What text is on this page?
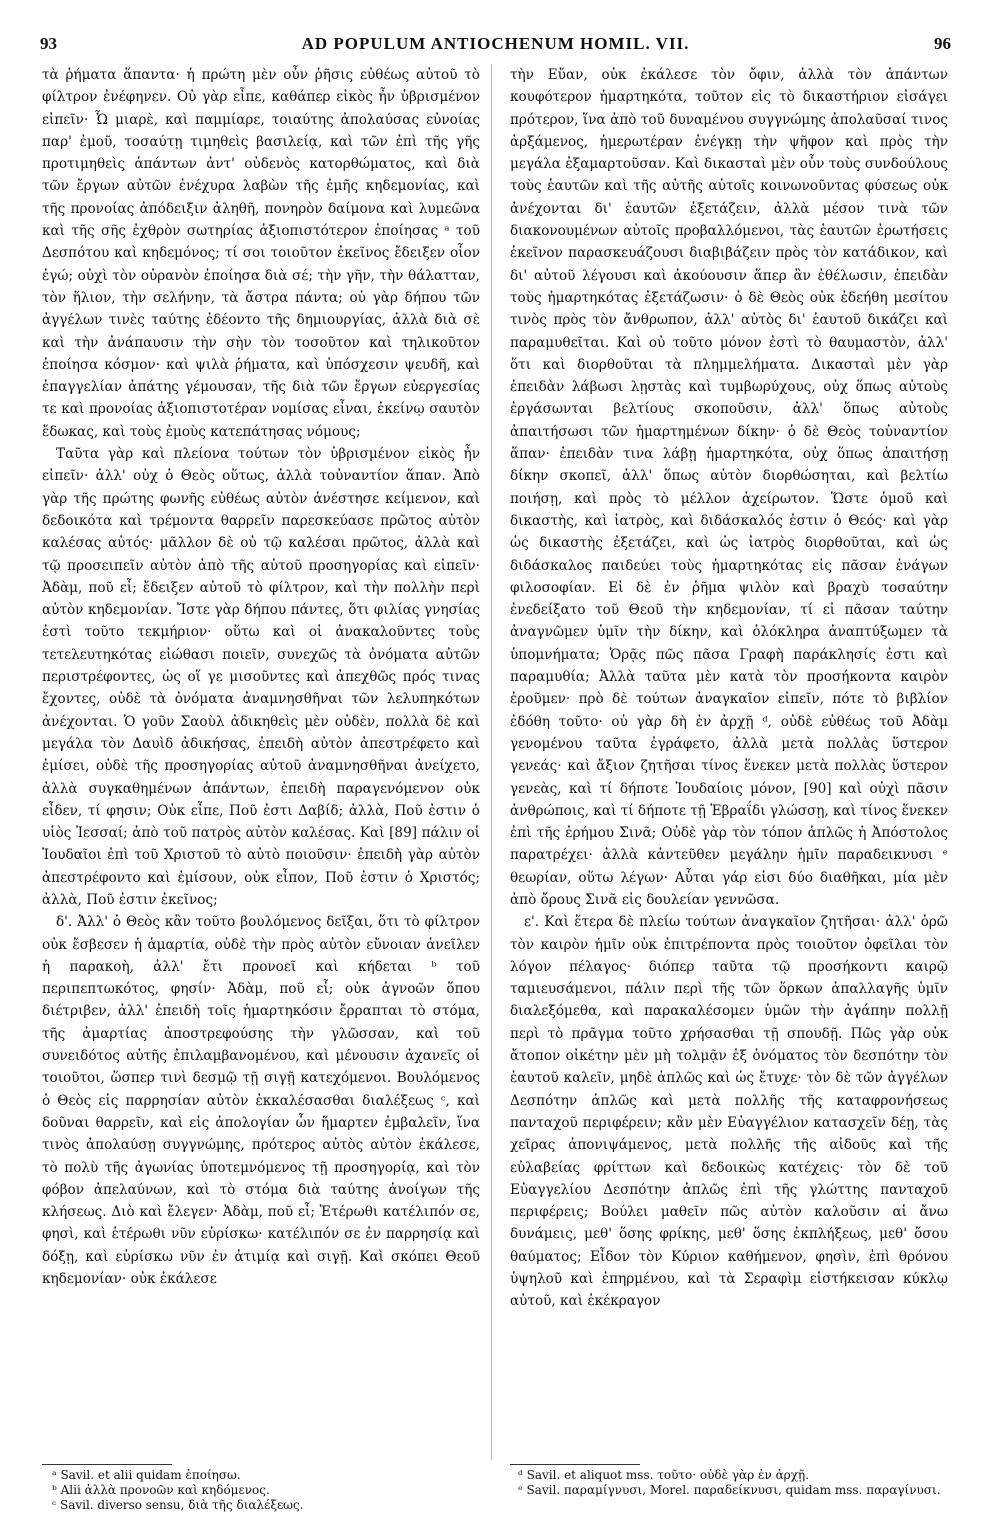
93	AD POPULUM ANTIOCHENUM HOMIL. VII.	96

τὰ ῥήματα ἅπαντα· ἡ πρώτη μὲν οὖν ῥῆσις εὐθέως αὐτοῦ τὸ φίλτρον ἐνέφηνεν. Οὐ γὰρ εἶπε, καθάπερ εἰκὸς ἦν ὑβρισμένον εἰπεῖν· Ὦ μιαρὲ, καὶ παμμίαρε, τοιαύτης ἀπολαύσας εὐνοίας παρ' ἐμοῦ, τοσαύτῃ τιμηθεὶς βασιλείᾳ, καὶ τῶν ἐπὶ τῆς γῆς προτιμηθεὶς ἁπάντων ἀντ' οὐδενὸς κατορθώματος, καὶ διὰ τῶν ἔργων αὐτῶν ἐνέχυρα λαβὼν τῆς ἐμῆς κηδεμονίας, καὶ τῆς προνοίας ἀπόδειξιν ἀληθῆ, πονηρὸν δαίμονα καὶ λυμεῶνα καὶ τῆς σῆς ἐχθρὸν σωτηρίας ἀξιοπιστότερον ἐποίησας ᵃ τοῦ Δεσπότου καὶ κηδεμόνος; τί σοι τοιοῦτον ἐκεῖνος ἔδειξεν οἷον ἐγώ; οὐχὶ τὸν οὐρανὸν ἐποίησα διὰ σέ; τὴν γῆν, τὴν θάλατταν, τὸν ἥλιον, τὴν σελήνην, τὰ ἄστρα πάντα; οὐ γὰρ δήπου τῶν ἀγγέλων τινὲς ταύτης ἐδέοντο τῆς δημιουργίας, ἀλλὰ διὰ σὲ καὶ τὴν ἀνάπαυσιν τὴν σὴν τὸν τοσοῦτον καὶ τηλικοῦτον ἐποίησα κόσμον· καὶ ψιλὰ ῥήματα, καὶ ὑπόσχεσιν ψευδῆ, καὶ ἐπαγγελίαν ἀπάτης γέμουσαν, τῆς διὰ τῶν ἔργων εὐεργεσίας τε καὶ προνοίας ἀξιοπιστοτέραν νομίσας εἶναι, ἐκείνῳ σαυτὸν ἔδωκας, καὶ τοὺς ἐμοὺς κατεπάτησας νόμους;

Ταῦτα γὰρ καὶ πλείονα τούτων τὸν ὑβρισμένον εἰκὸς ἦν εἰπεῖν· ἀλλ' οὐχ ὁ Θεὸς οὕτως, ἀλλὰ τοὐναντίον ἅπαν. Ἀπὸ γὰρ τῆς πρώτης φωνῆς εὐθέως αὐτὸν ἀνέστησε κείμενον, καὶ δεδοικότα καὶ τρέμοντα θαρρεῖν παρεσκεύασε πρῶτος αὐτὸν καλέσας αὐτός· μᾶλλον δὲ οὐ τῷ καλέσαι πρῶτος, ἀλλὰ καὶ τῷ προσειπεῖν αὐτὸν ἀπὸ τῆς αὐτοῦ προσηγορίας καὶ εἰπεῖν· Ἀδὰμ, ποῦ εἶ; ἔδειξεν αὐτοῦ τὸ φίλτρον, καὶ τὴν πολλὴν περὶ αὐτὸν κηδεμονίαν. Ἴστε γὰρ δήπου πάντες, ὅτι φιλίας γνησίας ἐστὶ τοῦτο τεκμήριον· οὕτω καὶ οἱ ἀνακαλοῦντες τοὺς τετελευτηκότας εἰώθασι ποιεῖν, συνεχῶς τὰ ὀνόματα αὐτῶν περιστρέφοντες, ὡς οἵ γε μισοῦντες καὶ ἀπεχθῶς πρός τινας ἔχοντες, οὐδὲ τὰ ὀνόματα ἀναμνησθῆναι τῶν λελυπηκότων ἀνέχονται. Ὁ γοῦν Σαοὺλ ἀδικηθεὶς μὲν οὐδὲν, πολλὰ δὲ καὶ μεγάλα τὸν Δαυὶδ ἀδικήσας, ἐπειδὴ αὐτὸν ἀπεστρέφετο καὶ ἐμίσει, οὐδὲ τῆς προσηγορίας αὐτοῦ ἀναμνησθῆναι ἀνείχετο, ἀλλὰ συγκαθημένων ἁπάντων, ἐπειδὴ παραγενόμενον οὐκ εἶδεν, τί φησιν; Οὐκ εἶπε, Ποῦ ἐστι Δαβίδ; ἀλλὰ, Ποῦ ἐστιν ὁ υἱὸς Ἰεσσαί; ἀπὸ τοῦ πατρὸς αὐτὸν καλέσας. Καὶ [89] πάλιν οἱ Ἰουδαῖοι ἐπὶ τοῦ Χριστοῦ τὸ αὐτὸ ποιοῦσιν· ἐπειδὴ γὰρ αὐτὸν ἀπεστρέφοντο καὶ ἐμίσουν, οὐκ εἶπον, Ποῦ ἐστιν ὁ Χριστός; ἀλλὰ, Ποῦ ἐστιν ἐκεῖνος;

δ'. Ἀλλ' ὁ Θεὸς κἂν τοῦτο βουλόμενος δεῖξαι, ὅτι τὸ φίλτρον οὐκ ἔσβεσεν ἡ ἁμαρτία, οὐδὲ τὴν πρὸς αὐτὸν εὔνοιαν ἀνεῖλεν ἡ παρακοὴ, ἀλλ' ἔτι προνοεῖ καὶ κήδεται ᵇ τοῦ περιπεπτωκότος, φησίν· Ἀδὰμ, ποῦ εἶ; οὐκ ἀγνοῶν ὅπου διέτριβεν, ἀλλ' ἐπειδὴ τοῖς ἡμαρτηκόσιν ἔρραπται τὸ στόμα, τῆς ἁμαρτίας ἀποστρεφούσης τὴν γλῶσσαν, καὶ τοῦ συνειδότος αὐτῆς ἐπιλαμβανομένου, καὶ μένουσιν ἀχανεῖς οἱ τοιοῦτοι, ὥσπερ τινὶ δεσμῷ τῇ σιγῇ κατεχόμενοι. Βουλόμενος ὁ Θεὸς εἰς παρρησίαν αὐτὸν ἐκκαλέσασθαι διαλέξεως ᶜ, καὶ δοῦναι θαρρεῖν, καὶ εἰς ἀπολογίαν ὧν ἥμαρτεν ἐμβαλεῖν, ἵνα τινὸς ἀπολαύσῃ συγγνώμης, πρότερος αὐτὸς αὐτὸν ἐκάλεσε, τὸ πολὺ τῆς ἀγωνίας ὑποτεμνόμενος τῇ προσηγορίᾳ, καὶ τὸν φόβον ἀπελαύνων, καὶ τὸ στόμα διὰ ταύτης ἀνοίγων τῆς κλήσεως. Διὸ καὶ ἔλεγεν· Ἀδὰμ, ποῦ εἶ; Ἑτέρωθι κατέλιπόν σε, φησὶ, καὶ ἑτέρωθι νῦν εὑρίσκω· κατέλιπόν σε ἐν παρρησίᾳ καὶ δόξῃ, καὶ εὑρίσκω νῦν ἐν ἀτιμίᾳ καὶ σιγῇ. Καὶ σκόπει Θεοῦ κηδεμονίαν· οὐκ ἐκάλεσε

τὴν Εὔαν, οὐκ ἐκάλεσε τὸν ὄφιν, ἀλλὰ τὸν ἁπάντων κουφότερον ἡμαρτηκότα, τοῦτον εἰς τὸ δικαστήριον εἰσάγει πρότερον, ἵνα ἀπὸ τοῦ δυναμένου συγγνώμης ἀπολαῦσαί τινος ἀρξάμενος, ἡμερωτέραν ἐνέγκῃ τὴν ψῆφον καὶ πρὸς τὴν μεγάλα ἐξαμαρτοῦσαν. Καὶ δικασταὶ μὲν οὖν τοὺς συνδούλους τοὺς ἑαυτῶν καὶ τῆς αὐτῆς αὐτοῖς κοινωνοῦντας φύσεως οὐκ ἀνέχονται δι' ἑαυτῶν ἐξετάζειν, ἀλλὰ μέσον τινὰ τῶν διακονουμένων αὐτοῖς προβαλλόμενοι, τὰς ἑαυτῶν ἐρωτήσεις ἐκεῖνον παρασκευάζουσι διαβιβάζειν πρὸς τὸν κατάδικον, καὶ δι' αὐτοῦ λέγουσι καὶ ἀκούουσιν ἅπερ ἂν ἐθέλωσιν, ἐπειδὰν τοὺς ἡμαρτηκότας ἐξετάζωσιν· ὁ δὲ Θεὸς οὐκ ἐδεήθη μεσίτου τινὸς πρὸς τὸν ἄνθρωπον, ἀλλ' αὐτὸς δι' ἑαυτοῦ δικάζει καὶ παραμυθεῖται. Καὶ οὐ τοῦτο μόνον ἐστὶ τὸ θαυμαστὸν, ἀλλ' ὅτι καὶ διορθοῦται τὰ πλημμελήματα. Δικασταὶ μὲν γὰρ ἐπειδὰν λάβωσι λῃστὰς καὶ τυμβωρύχους, οὐχ ὅπως αὐτοὺς ἐργάσωνται βελτίους σκοποῦσιν, ἀλλ' ὅπως αὐτοὺς ἀπαιτήσωσι τῶν ἡμαρτημένων δίκην· ὁ δὲ Θεὸς τοὐναντίον ἅπαν· ἐπειδὰν τινα λάβῃ ἡμαρτηκότα, οὐχ ὅπως ἀπαιτήσῃ δίκην σκοπεῖ, ἀλλ' ὅπως αὐτὸν διορθώσηται, καὶ βελτίω ποιήσῃ, καὶ πρὸς τὸ μέλλον ἀχείρωτον. Ὥστε ὁμοῦ καὶ δικαστὴς, καὶ ἰατρὸς, καὶ διδάσκαλός ἐστιν ὁ Θεός· καὶ γὰρ ὡς δικαστὴς ἐξετάζει, καὶ ὡς ἰατρὸς διορθοῦται, καὶ ὡς διδάσκαλος παιδεύει τοὺς ἡμαρτηκότας εἰς πᾶσαν ἐνάγων φιλοσοφίαν. Εἰ δὲ ἐν ῥῆμα ψιλὸν καὶ βραχὺ τοσαύτην ἐνεδείξατο τοῦ Θεοῦ τὴν κηδεμονίαν, τί εἰ πᾶσαν ταύτην ἀναγνῶμεν ὑμῖν τὴν δίκην, καὶ ὁλόκληρα ἀναπτύξωμεν τὰ ὑπομνήματα; Ὁρᾷς πῶς πᾶσα Γραφὴ παράκλησίς ἐστι καὶ παραμυθία; Ἀλλὰ ταῦτα μὲν κατὰ τὸν προσήκοντα καιρὸν ἐροῦμεν· πρὸ δὲ τούτων ἀναγκαῖον εἰπεῖν, πότε τὸ βιβλίον ἐδόθη τοῦτο· οὐ γὰρ δὴ ἐν ἀρχῇ ᵈ, οὐδὲ εὐθέως τοῦ Ἀδὰμ γενομένου ταῦτα ἐγράφετο, ἀλλὰ μετὰ πολλὰς ὕστερον γενεάς· καὶ ἄξιον ζητῆσαι τίνος ἕνεκεν μετὰ πολλὰς ὕστερον γενεὰς, καὶ τί δήποτε Ἰουδαίοις μόνον, [90] καὶ οὐχὶ πᾶσιν ἀνθρώποις, καὶ τί δήποτε τῇ Ἑβραΐδι γλώσσῃ, καὶ τίνος ἕνεκεν ἐπὶ τῆς ἐρήμου Σινᾶ; Οὐδὲ γὰρ τὸν τόπον ἁπλῶς ἡ Ἀπόστολος παρατρέχει· ἀλλὰ κἀντεῦθεν μεγάλην ἡμῖν παραδεικνυσι ᵉ θεωρίαν, οὕτω λέγων· Αὗται γάρ εἰσι δύο διαθῆκαι, μία μὲν ἀπὸ ὄρους Σινᾶ εἰς δουλείαν γεννῶσα.

ε'. Καὶ ἕτερα δὲ πλείω τούτων ἀναγκαῖον ζητῆσαι· ἀλλ' ὁρῶ τὸν καιρὸν ἡμῖν οὐκ ἐπιτρέποντα πρὸς τοιοῦτον ὀφεῖλαι τὸν λόγον πέλαγος· διόπερ ταῦτα τῷ προσήκοντι καιρῷ ταμιευσάμενοι, πάλιν περὶ τῆς τῶν ὅρκων ἀπαλλαγῆς ὑμῖν διαλεξόμεθα, καὶ παρακαλέσομεν ὑμῶν τὴν ἀγάπην πολλῇ περὶ τὸ πρᾶγμα τοῦτο χρήσασθαι τῇ σπουδῇ. Πῶς γὰρ οὐκ ἄτοπον οἰκέτην μὲν μὴ τολμᾷν ἐξ ὀνόματος τὸν δεσπότην τὸν ἑαυτοῦ καλεῖν, μηδὲ ἁπλῶς καὶ ὡς ἔτυχε· τὸν δὲ τῶν ἀγγέλων Δεσπότην ἁπλῶς καὶ μετὰ πολλῆς τῆς καταφρονήσεως πανταχοῦ περιφέρειν; κἂν μὲν Εὐαγγέλιον κατασχεῖν δέῃ, τὰς χεῖρας ἀπονιψάμενος, μετὰ πολλῆς τῆς αἰδοῦς καὶ τῆς εὐλαβείας φρίττων καὶ δεδοικὼς κατέχεις· τὸν δὲ τοῦ Εὐαγγελίου Δεσπότην ἁπλῶς ἐπὶ τῆς γλώττης πανταχοῦ περιφέρεις; Βούλει μαθεῖν πῶς αὐτὸν καλοῦσιν αἱ ἄνω δυνάμεις, μεθ' ὅσης φρίκης, μεθ' ὅσης ἐκπλήξεως, μεθ' ὅσου θαύματος; Εἶδον τὸν Κύριον καθήμενον, φησὶν, ἐπὶ θρόνου ὑψηλοῦ καὶ ἐπηρμένου, καὶ τὰ Σεραφὶμ εἱστήκεισαν κύκλῳ αὐτοῦ, καὶ ἐκέκραγον

ᵃ Savil. et alii quidam ἐποίησω.
ᵇ Alii ἀλλὰ προνοῶν καὶ κηδόμενος.
ᶜ Savil. diverso sensu, διὰ τῆς διαλέξεως.
ᵈ Savil. et aliquot mss. τοῦτο· οὐδὲ γὰρ ἐν ἀρχῇ.
ᵉ Savil. παραμίγνυσι, Morel. παραδείκνυσι, quidam mss. παραγίνυσι.
